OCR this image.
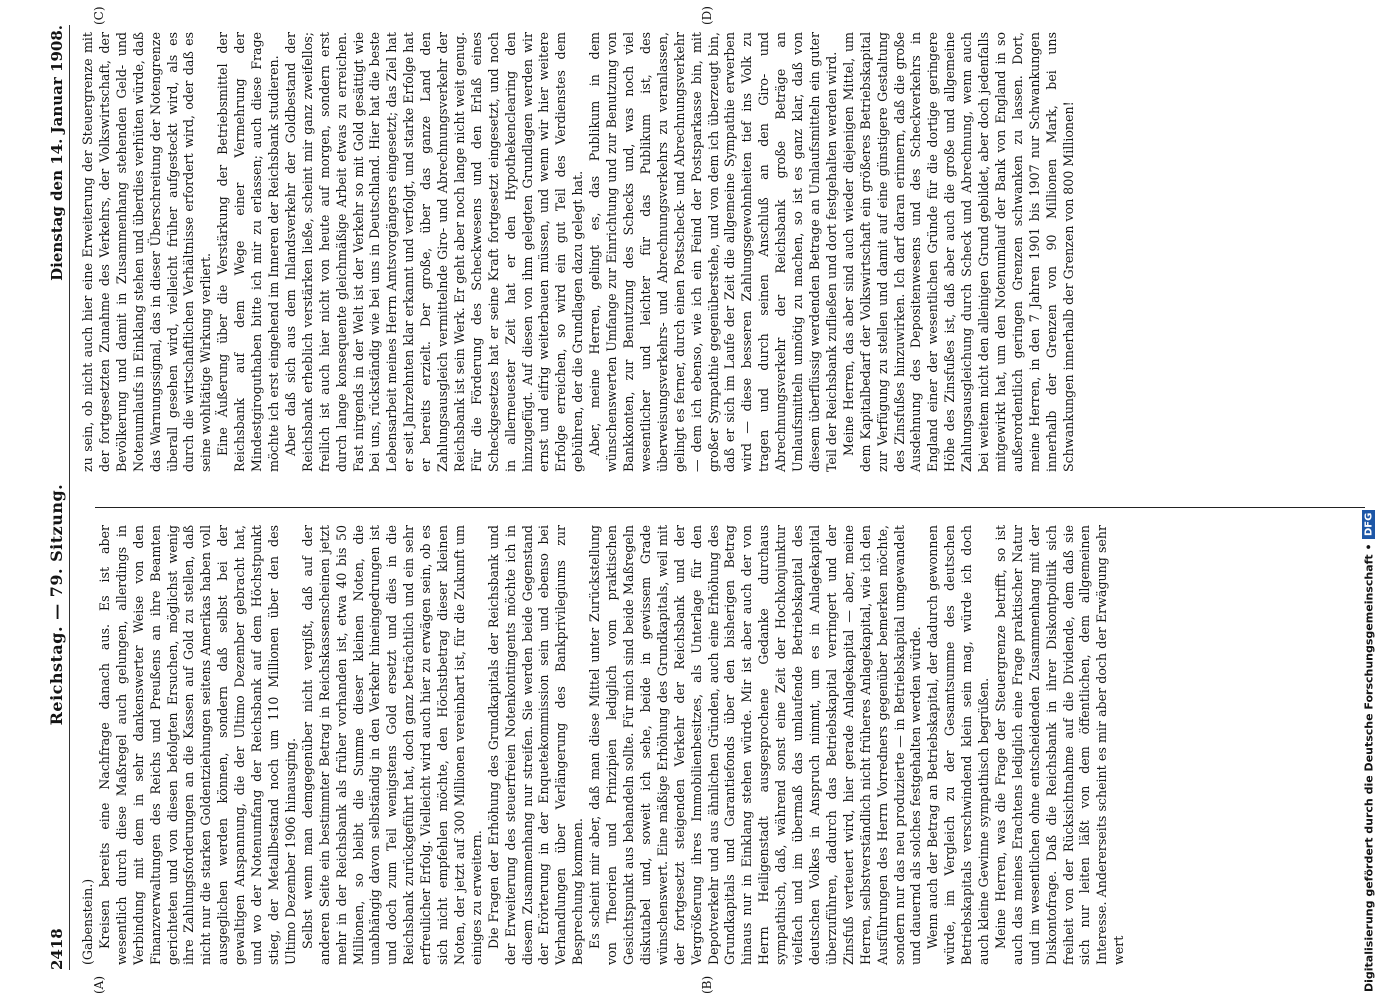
2418
Reichstag. — 79. Sitzung.
Dienstag den 14. Januar 1908.
(A)	(B)
(C)	(D)

(Gabenstein.) Kreisen bereits eine Nachfrage danach aus. Es ist aber wesentlich durch diese Maßregel auch gelungen, allerdings in Verbindung mit dem in sehr dankenswerter Weise von den Finanzverwaltungen des Reichs und Preußens an ihre Beamten gerichteten und von diesen befolgten Ersuchen, möglichst wenig ihre Zahlungsforderungen an die Kassen auf Gold zu stellen, daß nicht nur die starken Goldentziehungen seitens Amerikas haben voll ausgeglichen werden können, sondern daß selbst bei der gewaltigen Anspannung, die der Ultimo Dezember gebracht hat, und wo der Notenumfang der Reichsbank auf dem Höchstpunkt stieg, der Metallbestand noch um 110 Millionen über den des Ultimo Dezember 1906 hinausging. Selbst wenn man demgegenüber nicht vergißt, daß auf der anderen Seite ein bestimmter Betrag in Reichskassenscheinen jetzt mehr in der Reichsbank als früher vorhanden ist, etwa 40 bis 50 Millionen, so bleibt die Summe dieser kleinen Noten, die unabhängig davon selbständig in den Verkehr hineingedrungen ist und doch zum Teil wenigstens Gold ersetzt und dies in die Reichsbank zurückgeführt hat, doch ganz beträchtlich und ein sehr erfreulicher Erfolg. Vielleicht wird auch hier zu erwägen sein, ob es sich nicht empfehlen möchte, den Höchstbetrag dieser kleinen Noten, der jetzt auf 300 Millionen vereinbart ist, für die Zukunft um einiges zu erweitern. Die Fragen der Erhöhung des Grundkapitals der Reichsbank und der Erweiterung des steuerfreien Notenkontingents möchte ich in diesem Zusammenhang nur streifen. Sie werden beide Gegenstand der Erörterung in der Enquetekommission sein und ebenso bei Verhandlungen über Verlängerung des Bankprivilegiums zur Besprechung kommen. Es scheint mir aber, daß man diese Mittel unter Zurückstellung von Theorien und Prinzipien lediglich vom praktischen Gesichtspunkt aus behandeln sollte. Für mich sind beide Maßregeln diskutabel und, soweit ich sehe, beide in gewissem Grade wünschenswert. Eine mäßige Erhöhung des Grundkapitals, weil mit der fortgesetzt steigenden Verkehr der Reichsbank und der Vergrößerung ihres Immobilienbesitzes, als Unterlage für den Depotverkehr und aus ähnlichen Gründen, auch eine Erhöhung des Grundkapitals und Garantiefonds über den bisherigen Betrag hinaus nur in Einklang stehen würde. Mir ist aber auch der von Herrn Heiligenstadt ausgesprochene Gedanke durchaus sympathisch, daß, während sonst eine Zeit der Hochkonjunktur vielfach und im übermaß das umlaufende Betriebskapital des deutschen Volkes in Anspruch nimmt, um es in Anlagekapital überzuführen, dadurch das Betriebskapital verringert und der Zinsfuß verteuert wird, hier gerade Anlagekapital — aber, meine Herren, selbstverständlich nicht früheres Anlagekapital, wie ich den Ausführungen des Herrn Vorredners gegenüber bemerken möchte, sondern nur das neu produzierte — in Betriebskapital umgewandelt und dauernd als solches festgehalten werden würde. Wenn auch der Betrag an Betriebskapital, der dadurch gewonnen würde, im Vergleich zu der Gesamtsumme des deutschen Betriebskapitals verschwindend klein sein mag, würde ich doch auch kleine Gewinne sympathisch begrüßen. Meine Herren, was die Frage der Steuergrenze betrifft, so ist auch das meines Erachtens lediglich eine Frage praktischer Natur und im wesentlichen ohne entscheidenden Zusammenhang mit der Diskontofrage. Daß die Reichsbank in ihrer Diskontpolitik sich freiheit von der Rücksichtnahme auf die Dividende, dem daß sie sich nur leiten läßt von dem öffentlichen, dem allgemeinen Interesse. Andererseits scheint es mir aber doch der Erwägung sehr wert

zu sein, ob nicht auch hier eine Erweiterung der Steuergrenze mit der fortgesetzten Zunahme des Verkehrs, der Volkswirtschaft, der Bevölkerung und damit in Zusammenhang stehenden Geld- und Notenumlaufs in Einklang stehen und überdies verhüten würde, daß das Warnungssignal, das in dieser Überschreitung der Notengrenze überall gesehen wird, vielleicht früher aufgesteckt wird, als es durch die wirtschaftlichen Verhältnisse erfordert wird, oder daß es seine wohltätige Wirkung verliert. Eine Äußerung über die Verstärkung der Betriebsmittel der Reichsbank auf dem Wege einer Vermehrung der Mindestgiroguthaben bitte ich mir zu erlassen; auch diese Frage möchte ich erst eingehend im Inneren der Reichsbank studieren. Aber daß sich aus dem Inlandsverkehr der Goldbestand der Reichsbank erheblich verstärken ließe, scheint mir ganz zweifellos; freilich ist auch hier nicht von heute auf morgen, sondern erst durch lange konsequente gleichmäßige Arbeit etwas zu erreichen. Fast nirgends in der Welt ist der Verkehr so mit Gold gesättigt wie bei uns, rückständig wie bei uns in Deutschland. Hier hat die beste Lebensarbeit meines Herrn Amtsvorgängers eingesetzt; das Ziel hat er seit Jahrzehnten klar erkannt und verfolgt, und starke Erfolge hat er bereits erzielt. Der große, über das ganze Land den Zahlungsausgleich vermittelnde Giro- und Abrechnungsverkehr der Reichsbank ist sein Werk. Er geht aber noch lange nicht weit genug. Für die Förderung des Scheckwesens und den Erlaß eines Scheckgesetzes hat er seine Kraft fortgesetzt eingesetzt, und noch in allerneuester Zeit hat er den Hypothekenclearing den hinzugefügt. Auf diesen von ihm gelegten Grundlagen werden wir ernst und eifrig weiterbauen müssen, und wenn wir hier weitere Erfolge erreichen, so wird ein gut Teil des Verdienstes dem gebühren, der die Grundlagen dazu gelegt hat. Aber, meine Herren, gelingt es, das Publikum in dem wünschenswerten Umfange zur Einrichtung und zur Benutzung von Bankkonten, zur Benutzung des Schecks und, was noch viel wesentlicher und leichter für das Publikum ist, des überweisungsverkehrs- und Abrechnungsverkehrs zu veranlassen, gelingt es ferner, durch einen Postscheck- und Abrechnungsverkehr — dem ich ebenso, wie ich ein Feind der Postsparkasse bin, mit großer Sympathie gegenüberstehe, und von dem ich überzeugt bin, daß er sich im Laufe der Zeit die allgemeine Sympathie erwerben wird — diese besseren Zahlungsgewohnheiten tief ins Volk zu tragen und durch seinen Anschluß an den Giro- und Abrechnungsverkehr der Reichsbank große Beträge an Umlaufsmitteln unnötig zu machen, so ist es ganz klar, daß von diesem überflüssig werdenden Betrage an Umlaufsmitteln ein guter Teil der Reichsbank zufließen und dort festgehalten werden wird. Meine Herren, das aber sind auch wieder diejenigen Mittel, um dem Kapitalbedarf der Volkswirtschaft ein größeres Betriebskapital zur Verfügung zu stellen und damit auf eine günstigere Gestaltung des Zinsfußes hinzuwirken. Ich darf daran erinnern, daß die große Ausdehnung des Depositenwesens und des Scheckverkehrs in England einer der wesentlichen Gründe für die dortige geringere Höhe des Zinsfußes ist, daß aber auch die große und allgemeine Zahlungsausgleichung durch Scheck und Abrechnung, wenn auch bei weitem nicht den alleinigen Grund gebildet, aber doch jedenfalls mitgewirkt hat, um den Notenumlauf der Bank von England in so außerordentlich geringen Grenzen schwanken zu lassen. Dort, meine Herren, in den 7 Jahren 1901 bis 1907 nur Schwankungen innerhalb der Grenzen von 90 Millionen Mark, bei uns Schwankungen innerhalb der Grenzen von 800 Millionen!

Digitalisierung gefördert durch die Deutsche Forschungsgemeinschaft •
DFG
